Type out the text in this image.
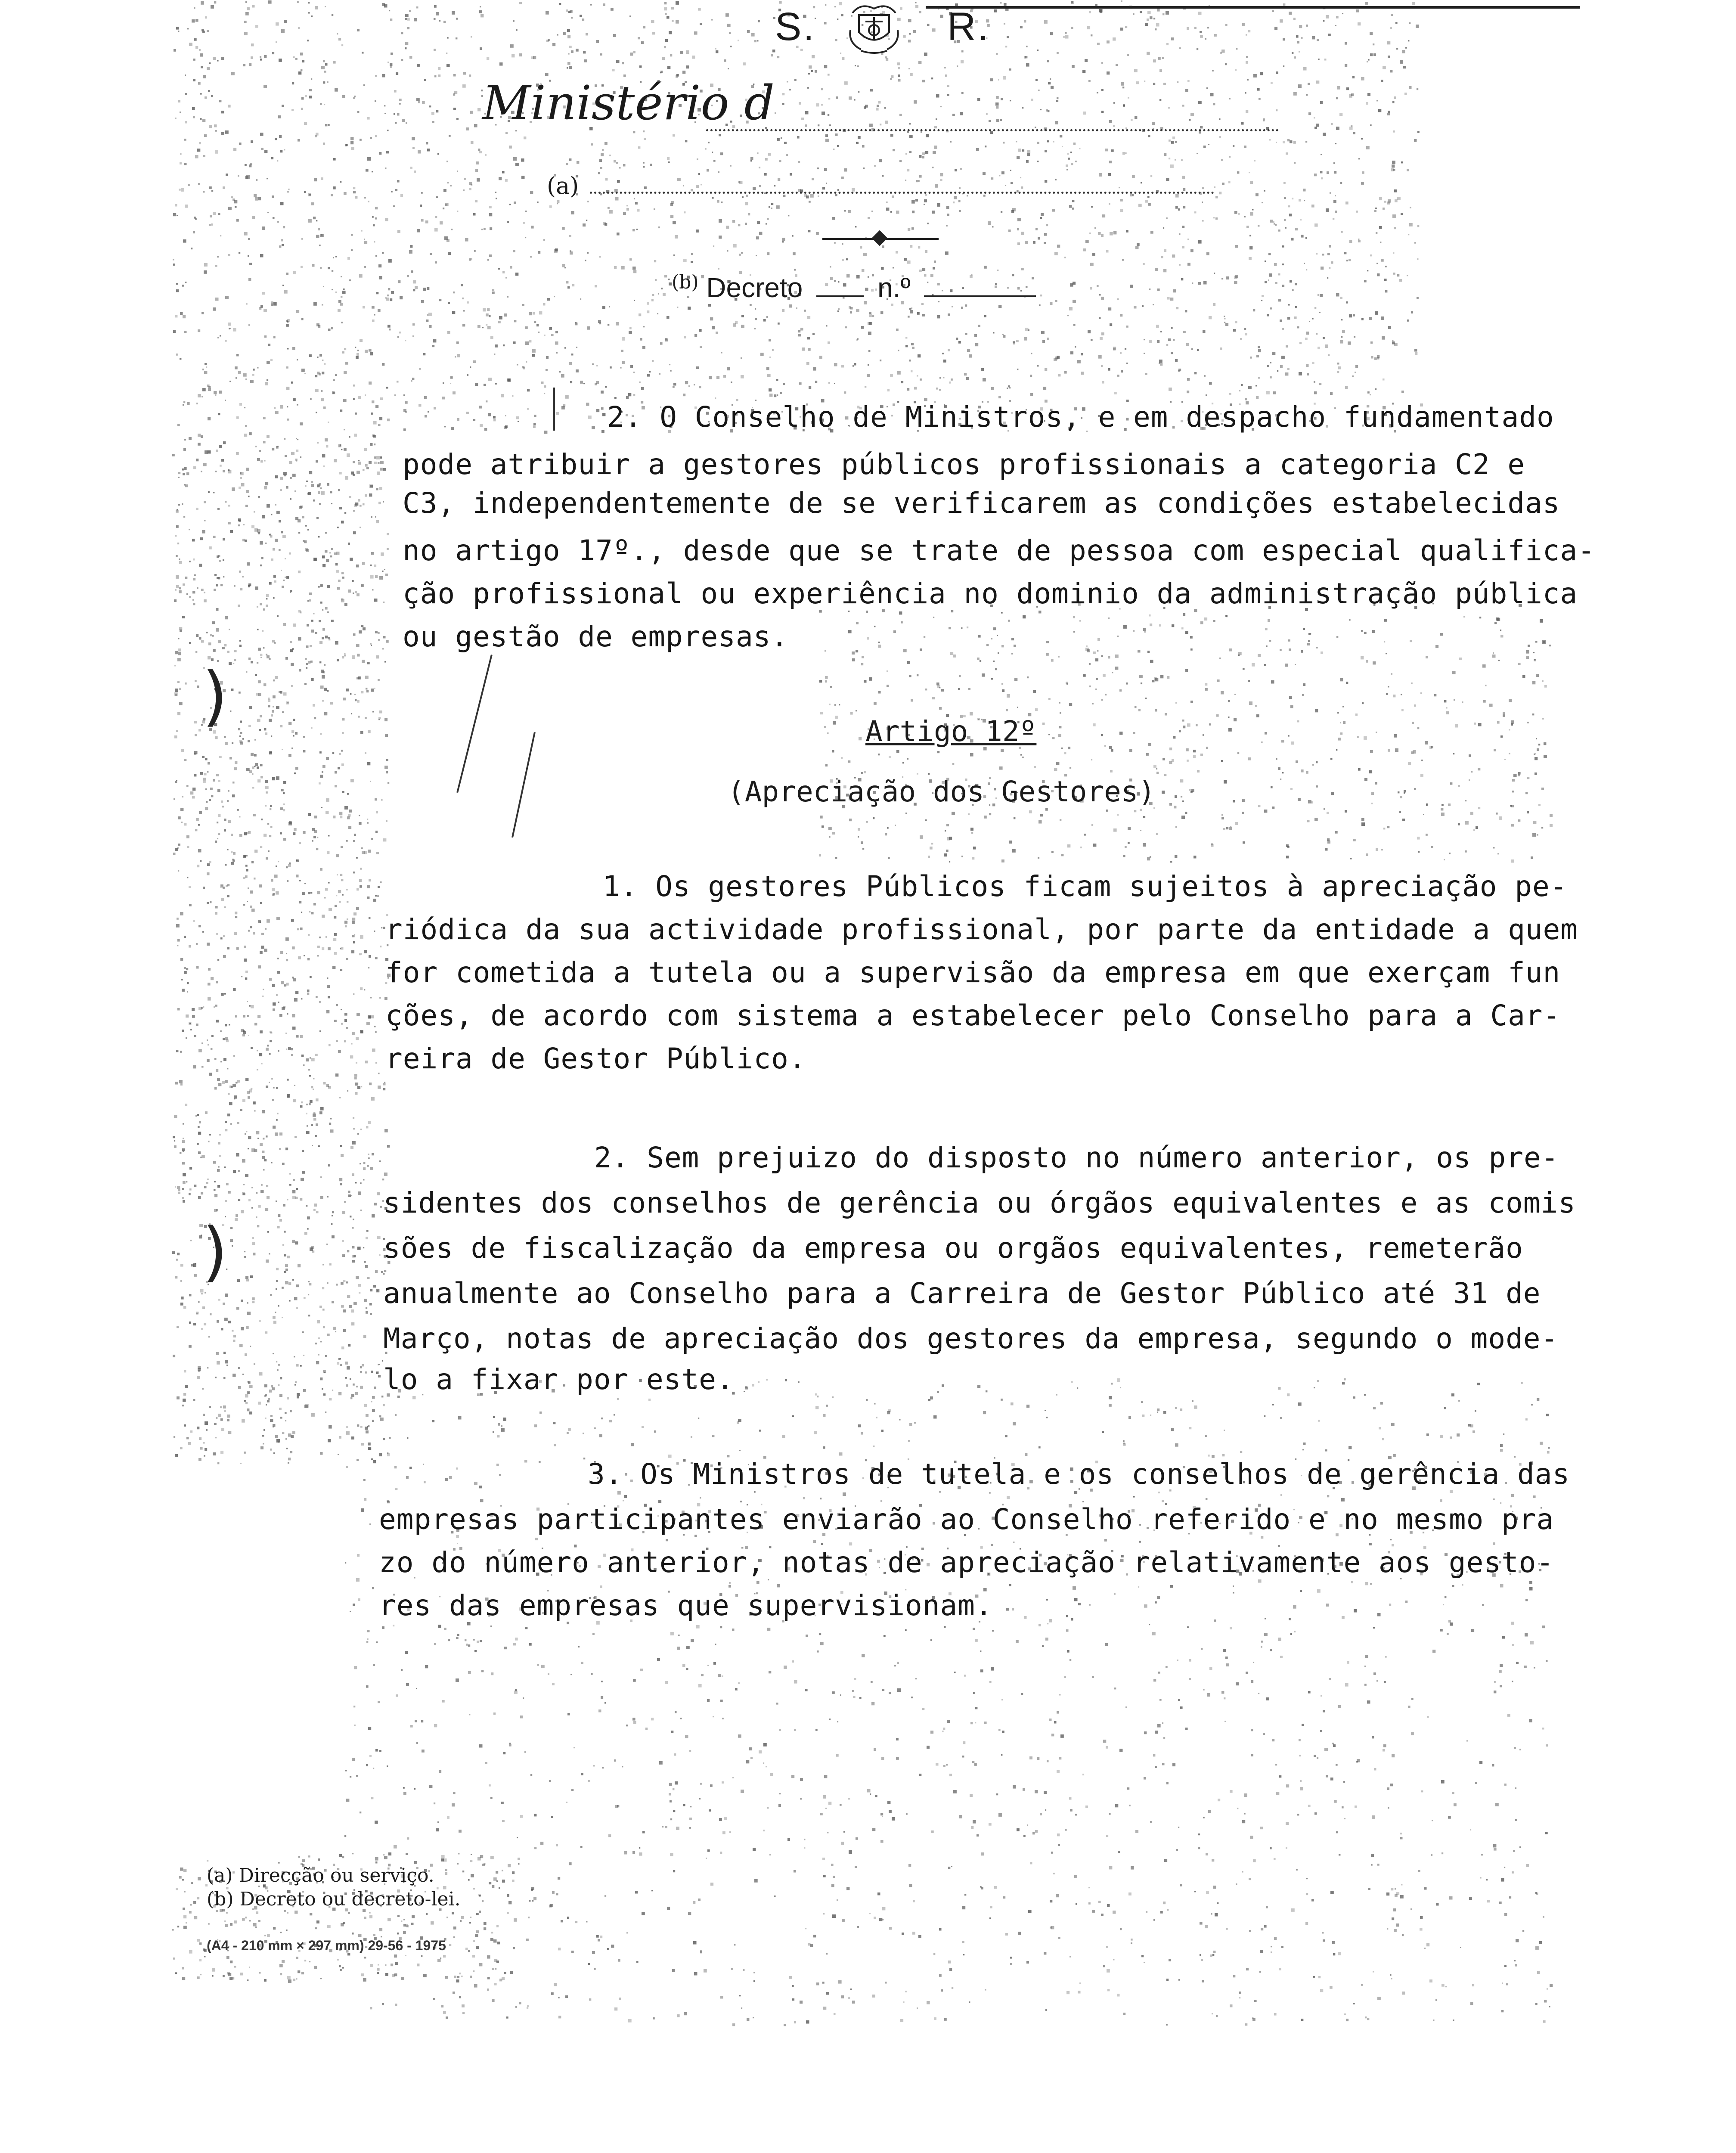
S.	R.
Ministério d
(a)
$^{(b)}$ Decreto	n.º
2. O Conselho de Ministros, e em despacho fundamentado
pode atribuir a gestores públicos profissionais a categoria C2 e
C3, independentemente de se verificarem as condições estabelecidas
no artigo 17º., desde que se trate de pessoa com especial qualifica-
ção profissional ou experiência no dominio da administração pública
ou gestão de empresas.
Artigo 12º
(Apreciação dos Gestores)
1. Os gestores Públicos ficam sujeitos à apreciação pe-
riódica da sua actividade profissional, por parte da entidade a quem
for cometida a tutela ou a supervisão da empresa em que exerçam fun
ções, de acordo com sistema a estabelecer pelo Conselho para a Car-
reira de Gestor Público.
2. Sem prejuizo do disposto no número anterior, os pre-
sidentes dos conselhos de gerência ou órgãos equivalentes e as comis
sões de fiscalização da empresa ou orgãos equivalentes, remeterão
anualmente ao Conselho para a Carreira de Gestor Público até 31 de
Março, notas de apreciação dos gestores da empresa, segundo o mode-
lo a fixar por este.
3. Os Ministros de tutela e os conselhos de gerência das
empresas participantes enviarão ao Conselho referido e no mesmo pra
zo do número anterior, notas de apreciação relativamente aos gesto-
res das empresas que supervisionam.
)
)
(a) Direcção ou serviço.
(b) Decreto ou decreto-lei.
(A4 - 210 mm × 297 mm) 29-56 - 1975
